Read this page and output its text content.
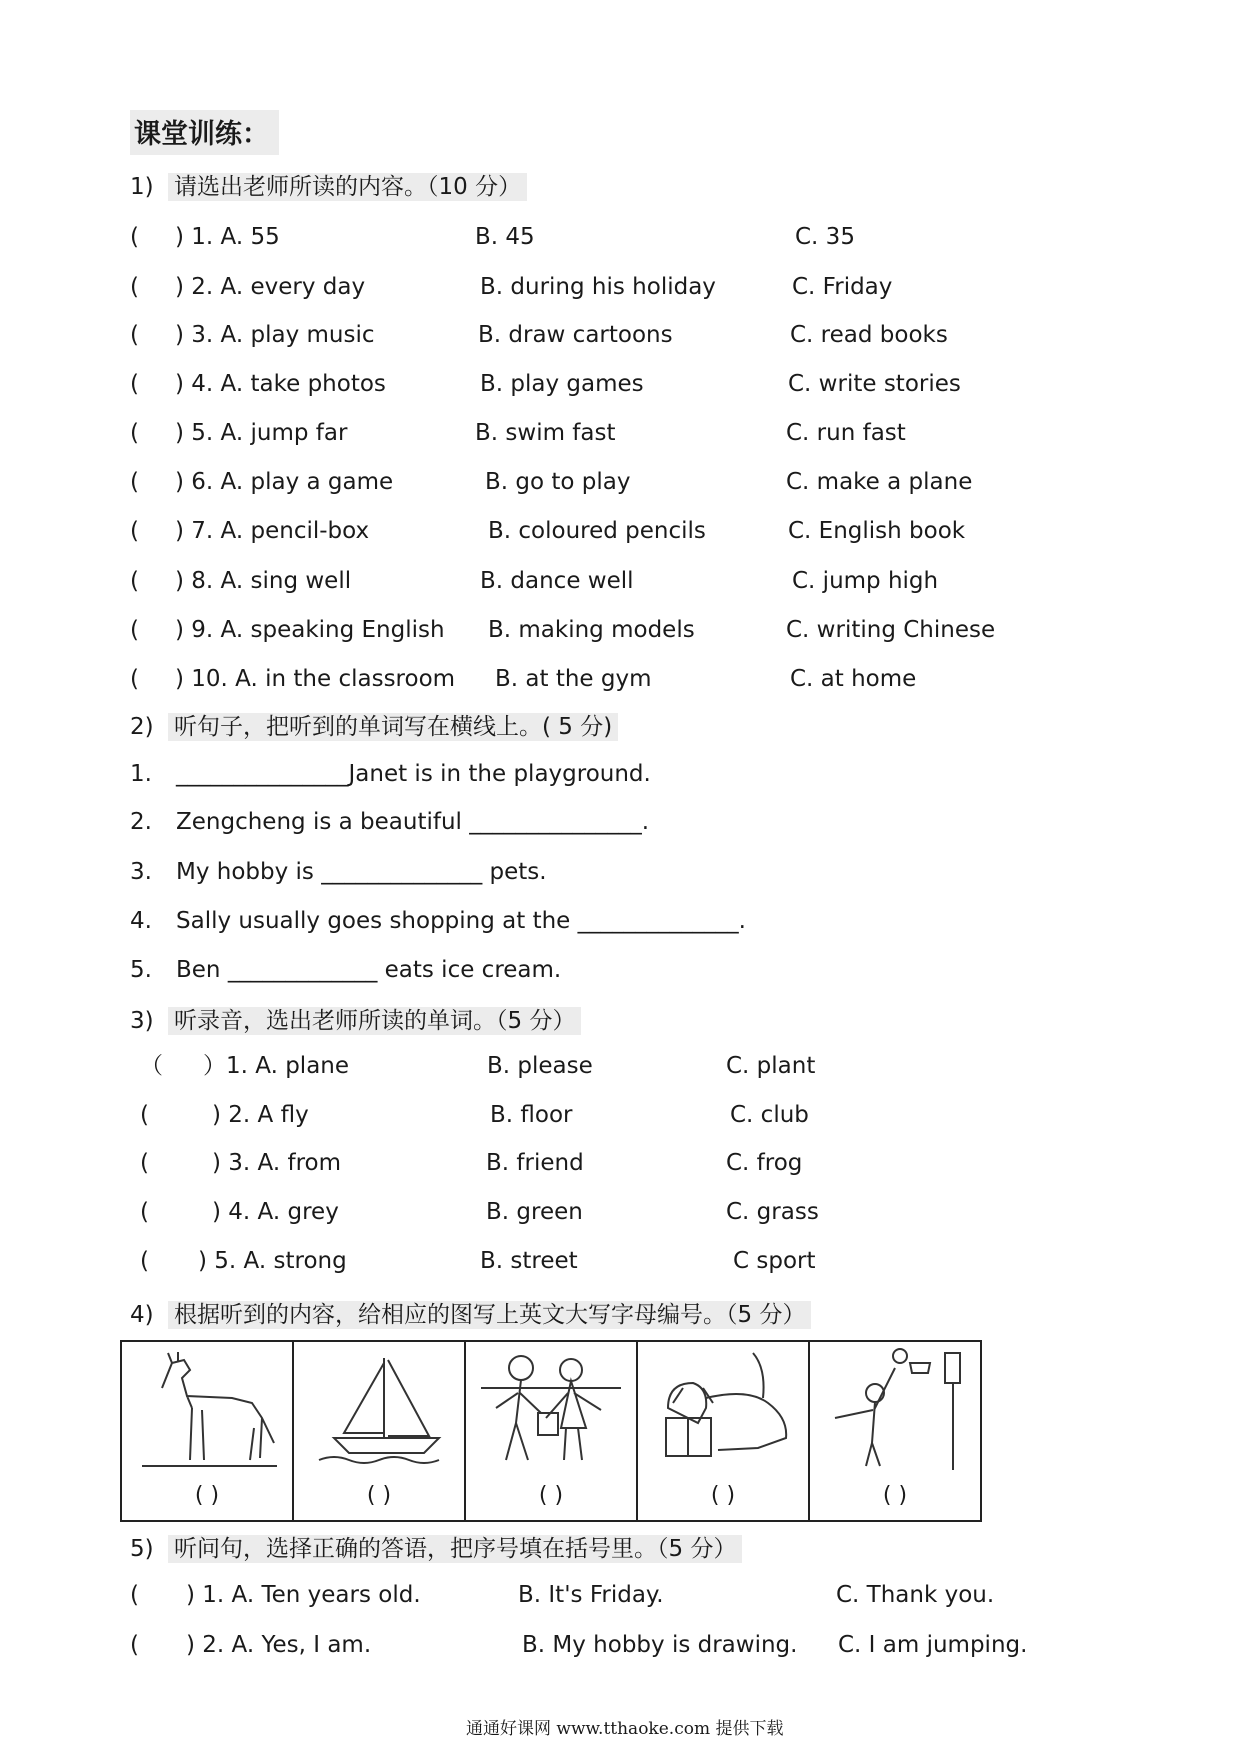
课堂训练：
1) 请选出老师所读的内容。（10 分）
( ) 1. A. 55	B. 45	C. 35
( ) 2. A. every day	B. during his holiday	C. Friday
( ) 3. A. play music	B. draw cartoons	C. read books
( ) 4. A. take photos	B. play games	C. write stories
( ) 5. A. jump far	B. swim fast	C. run fast
( ) 6. A. play a game	B. go to play	C. make a plane
( ) 7. A. pencil-box	B. coloured pencils	C. English book
( ) 8. A. sing well	B. dance well	C. jump high
( ) 9. A. speaking English B. making models	C. writing Chinese
( ) 10. A. in the classroom B. at the gym	C. at home
2) 听句子，把听到的单词写在横线上。( 5 分)
1. _______________Janet is in the playground.
2. Zengcheng is a beautiful _______________.
3. My hobby is ______________ pets.
4. Sally usually goes shopping at the ______________.
5. Ben _____________ eats ice cream.
3) 听录音，选出老师所读的单词。（5 分）
（ ）1. A. plane	B. please	C. plant
(	) 2. A fly	B. floor	C. club
(	) 3. A. from	B. friend	C. frog
(	) 4. A. grey	B. green	C. grass
( ) 5. A. strong	B. street	C sport
4) 根据听到的内容，给相应的图写上英文大写字母编号。（5 分）
( )	( )	( )	( )	( )
5) 听问句，选择正确的答语，把序号填在括号里。（5 分）
( ) 1. A. Ten years old.	B. It's Friday.	C. Thank you.
( ) 2. A. Yes, I am.	B. My hobby is drawing. C. I am jumping.
通通好课网 www.tthaoke.com 提供下载
